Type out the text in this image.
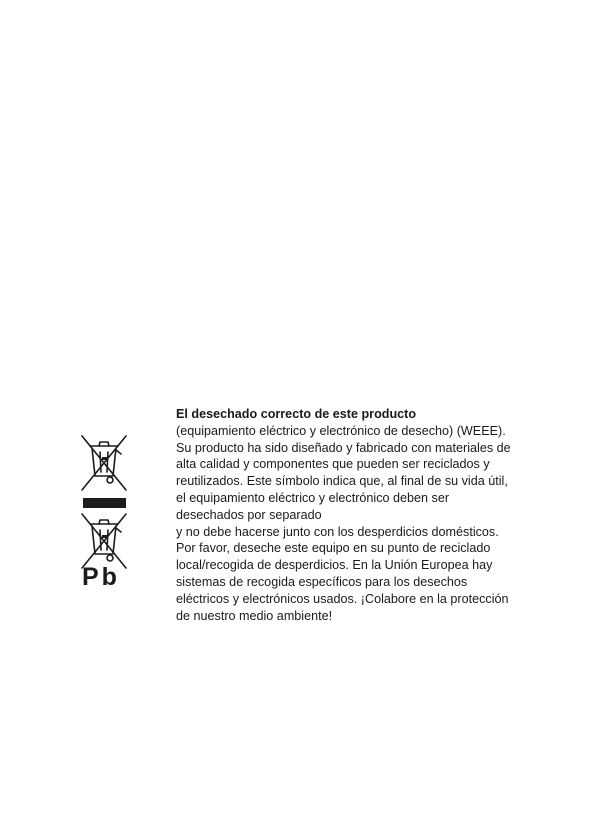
Pb

El desechado correcto de este producto

(equipamiento eléctrico y electrónico de desecho) (WEEE).

Su producto ha sido diseñado y fabricado con materiales de

alta calidad y componentes que pueden ser reciclados y

reutilizados. Este símbolo indica que, al final de su vida útil,

el equipamiento eléctrico y electrónico deben ser

desechados por separado

y no debe hacerse junto con los desperdicios domésticos.

Por favor, deseche este equipo en su punto de reciclado

local/recogida de desperdicios. En la Unión Europea hay

sistemas de recogida específicos para los desechos

eléctricos y electrónicos usados. ¡Colabore en la protección

de nuestro medio ambiente!
